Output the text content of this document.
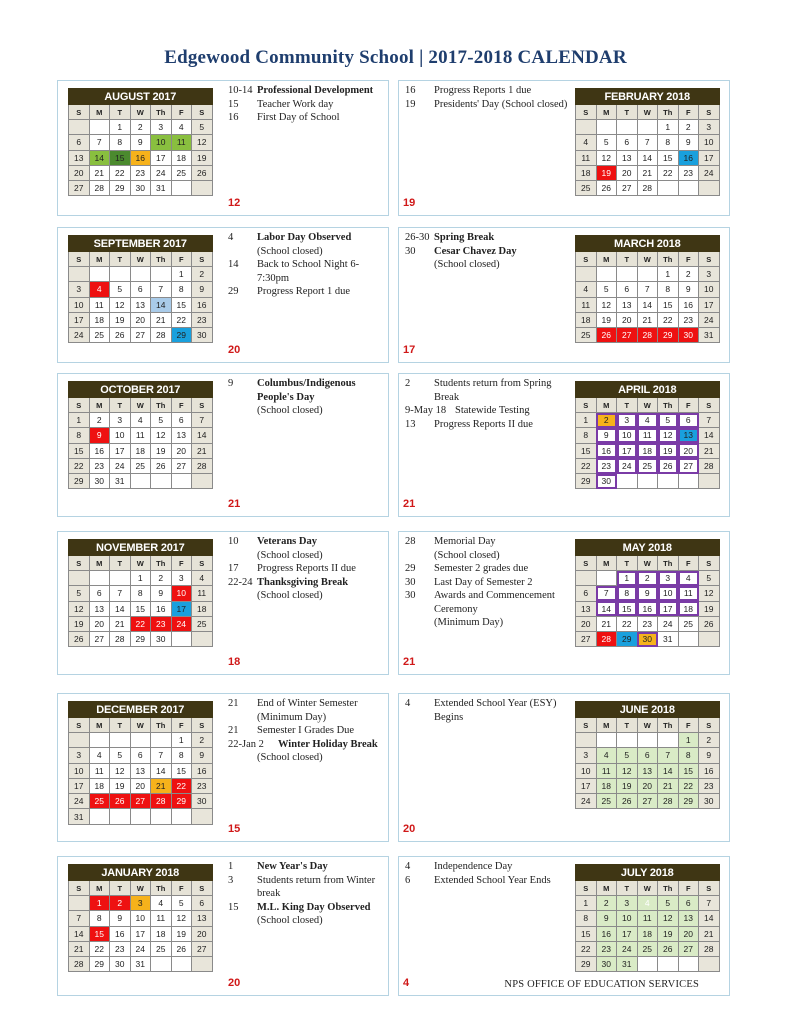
Edgewood Community School | 2017-2018 CALENDAR
AUGUST 2017						
S	M	T	W	Th	F	S
		1	2	3	4	5
6	7	8	9	10	11	12
13	14	15	16	17	18	19
20	21	22	23	24	25	26
27	28	29	30	31		
10-14 Professional Development
15	Teacher Work day
16	First Day of School
12
FEBRUARY 2018						
S	M	T	W	Th	F	S
				1	2	3
4	5	6	7	8	9	10
11	12	13	14	15	16	17
18	19	20	21	22	23	24
25	26	27	28			
16	Progress Reports 1 due
19	Presidents' Day (School closed)
19
SEPTEMBER 2017						
S	M	T	W	Th	F	S
					1	2
3	4	5	6	7	8	9
10	11	12	13	14	15	16
17	18	19	20	21	22	23
24	25	26	27	28	29	30
4	Labor Day Observed
(School closed)
14	Back to School Night 6-7:30pm
29	Progress Report 1 due
20
MARCH 2018						
S	M	T	W	Th	F	S
				1	2	3
4	5	6	7	8	9	10
11	12	13	14	15	16	17
18	19	20	21	22	23	24
25	26	27	28	29	30	31
26-30 Spring Break
30	Cesar Chavez Day
(School closed)
17
OCTOBER 2017						
S	M	T	W	Th	F	S
1	2	3	4	5	6	7
8	9	10	11	12	13	14
15	16	17	18	19	20	21
22	23	24	25	26	27	28
29	30	31				
9	Columbus/Indigenous People's Day
(School closed)
21
APRIL 2018						
S	M	T	W	Th	F	S
1	2	3	4	5	6	7
8	9	10	11	12	13	14
15	16	17	18	19	20	21
22	23	24	25	26	27	28
29	30					
2	Students return from Spring Break
9-May 18 Statewide Testing
13	Progress Reports II due
21
NOVEMBER 2017						
S	M	T	W	Th	F	S
			1	2	3	4
5	6	7	8	9	10	11
12	13	14	15	16	17	18
19	20	21	22	23	24	25
26	27	28	29	30		
10	Veterans Day
(School closed)
17	Progress Reports II due
22-24 Thanksgiving Break
(School closed)
18
MAY 2018						
S	M	T	W	Th	F	S
		1	2	3	4	5
6	7	8	9	10	11	12
13	14	15	16	17	18	19
20	21	22	23	24	25	26
27	28	29	30	31		
28	Memorial Day
(School closed)
29	Semester 2 grades due
30	Last Day of Semester 2
30	Awards and Commencement Ceremony
(Minimum Day)
21
DECEMBER 2017						
S	M	T	W	Th	F	S
					1	2
3	4	5	6	7	8	9
10	11	12	13	14	15	16
17	18	19	20	21	22	23
24	25	26	27	28	29	30
31						
21	End of Winter Semester
(Minimum Day)
21	Semester I Grades Due
22-Jan 2	Winter Holiday Break
(School closed)
15
JUNE 2018						
S	M	T	W	Th	F	S
					1	2
3	4	5	6	7	8	9
10	11	12	13	14	15	16
17	18	19	20	21	22	23
24	25	26	27	28	29	30
4	Extended School Year (ESY) Begins
20
JANUARY 2018						
S	M	T	W	Th	F	S
	1	2	3	4	5	6
7	8	9	10	11	12	13
14	15	16	17	18	19	20
21	22	23	24	25	26	27
28	29	30	31			
1	New Year's Day
3	Students return from Winter break
15	M.L. King Day Observed
(School closed)
20
JULY 2018						
S	M	T	W	Th	F	S
1	2	3	4	5	6	7
8	9	10	11	12	13	14
15	16	17	18	19	20	21
22	23	24	25	26	27	28
29	30	31				
4	Independence Day
6	Extended School Year Ends
4	NPS OFFICE OF EDUCATION SERVICES
